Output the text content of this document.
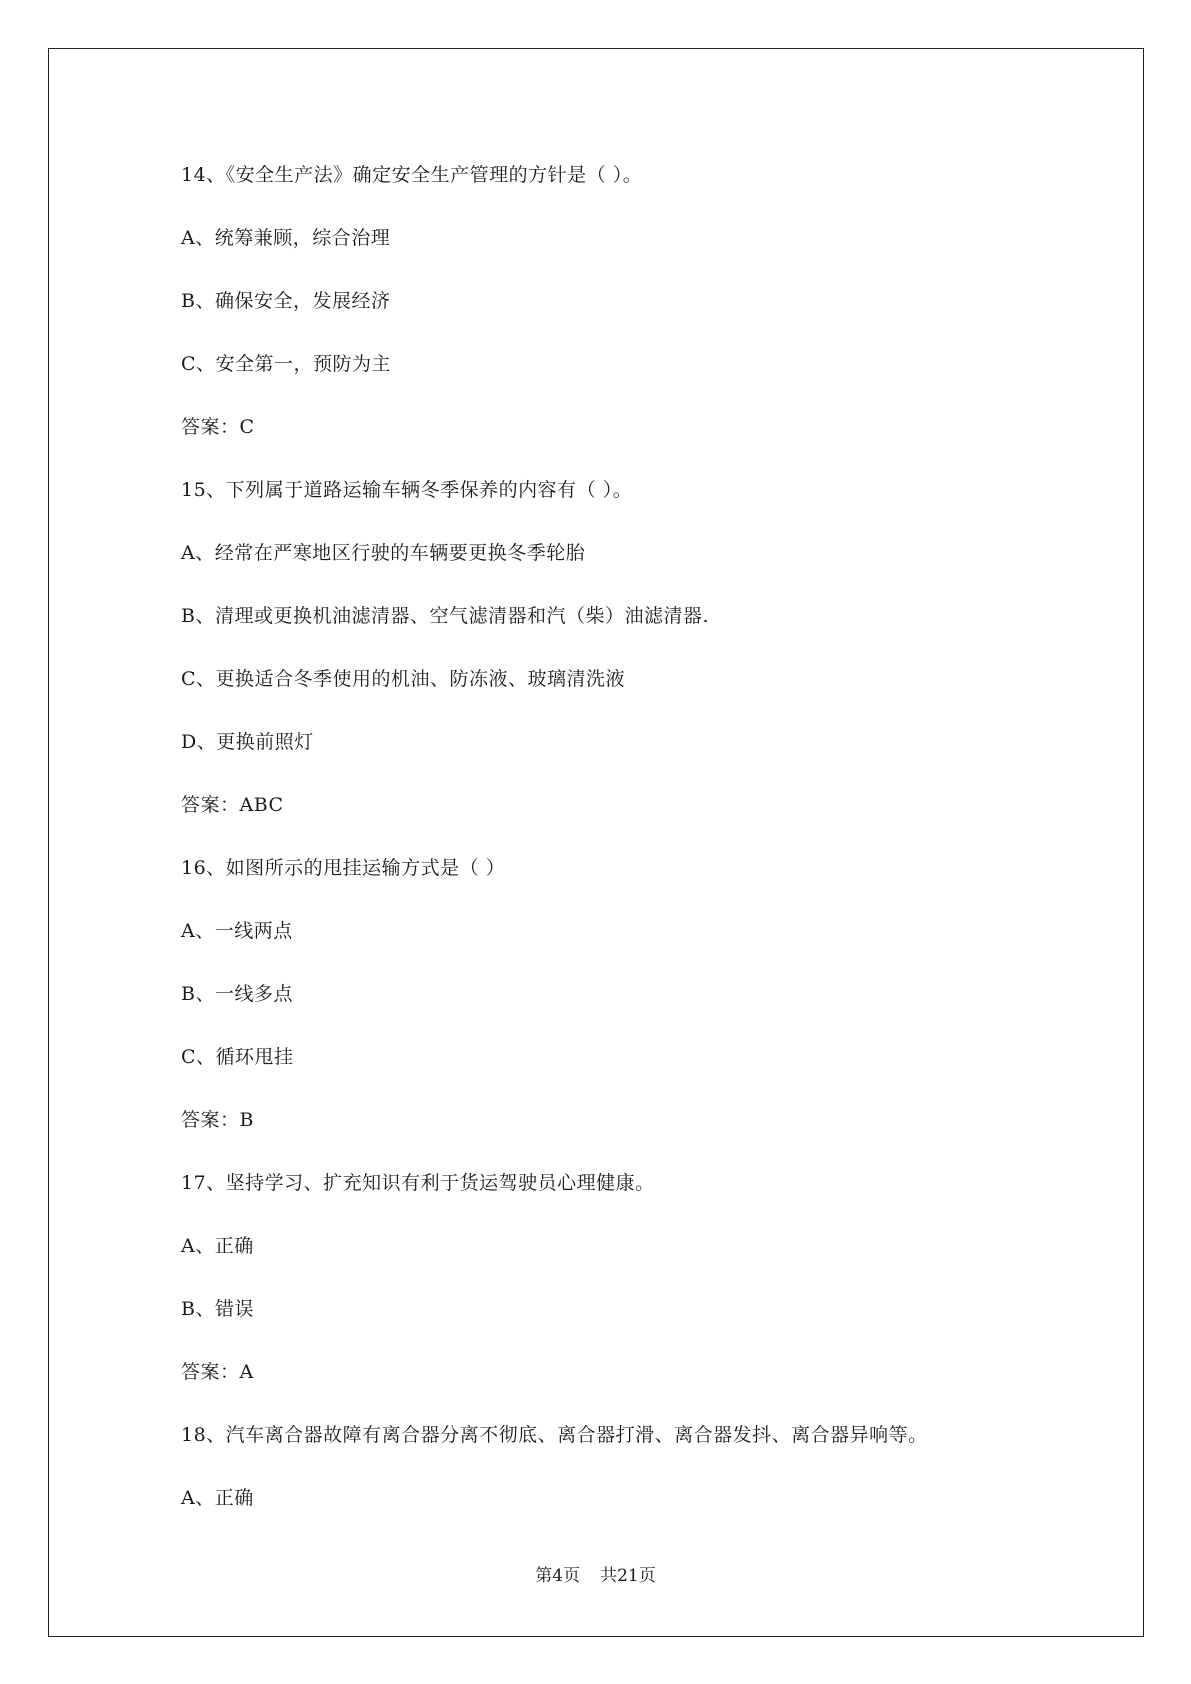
14、《安全生产法》确定安全生产管理的方针是（ ）。
A、统筹兼顾，综合治理
B、确保安全，发展经济
C、安全第一，预防为主
答案：C
15、下列属于道路运输车辆冬季保养的内容有（ ）。
A、经常在严寒地区行驶的车辆要更换冬季轮胎
B、清理或更换机油滤清器、空气滤清器和汽（柴）油滤清器.
C、更换适合冬季使用的机油、防冻液、玻璃清洗液
D、更换前照灯
答案：ABC
16、如图所示的甩挂运输方式是（ ）
A、一线两点
B、一线多点
C、循环甩挂
答案：B
17、坚持学习、扩充知识有利于货运驾驶员心理健康。
A、正确
B、错误
答案：A
18、汽车离合器故障有离合器分离不彻底、离合器打滑、离合器发抖、离合器异响等。
A、正确
第4页 共21页
